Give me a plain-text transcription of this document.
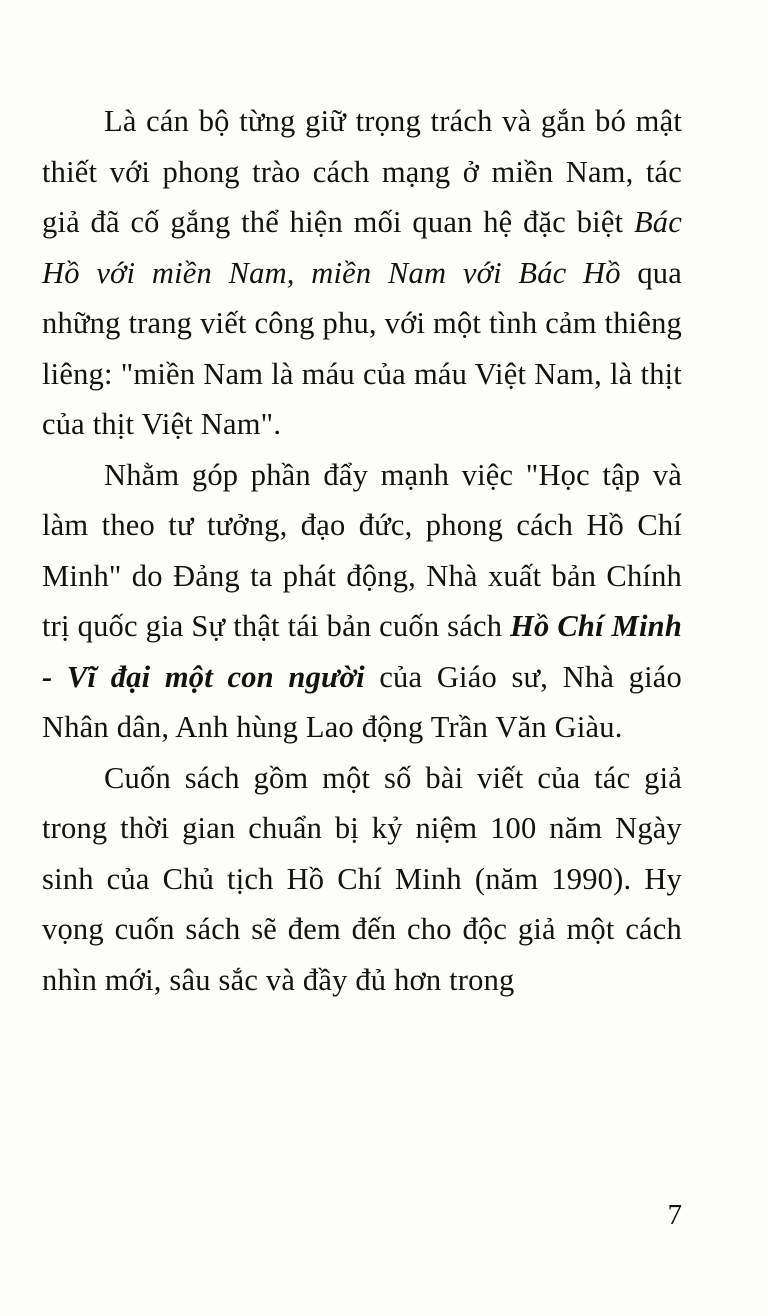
Là cán bộ từng giữ trọng trách và gắn bó mật thiết với phong trào cách mạng ở miền Nam, tác giả đã cố gắng thể hiện mối quan hệ đặc biệt Bác Hồ với miền Nam, miền Nam với Bác Hồ qua những trang viết công phu, với một tình cảm thiêng liêng: "miền Nam là máu của máu Việt Nam, là thịt của thịt Việt Nam".

Nhằm góp phần đẩy mạnh việc "Học tập và làm theo tư tưởng, đạo đức, phong cách Hồ Chí Minh" do Đảng ta phát động, Nhà xuất bản Chính trị quốc gia Sự thật tái bản cuốn sách Hồ Chí Minh - Vĩ đại một con người của Giáo sư, Nhà giáo Nhân dân, Anh hùng Lao động Trần Văn Giàu.

Cuốn sách gồm một số bài viết của tác giả trong thời gian chuẩn bị kỷ niệm 100 năm Ngày sinh của Chủ tịch Hồ Chí Minh (năm 1990). Hy vọng cuốn sách sẽ đem đến cho độc giả một cách nhìn mới, sâu sắc và đầy đủ hơn trong

7
